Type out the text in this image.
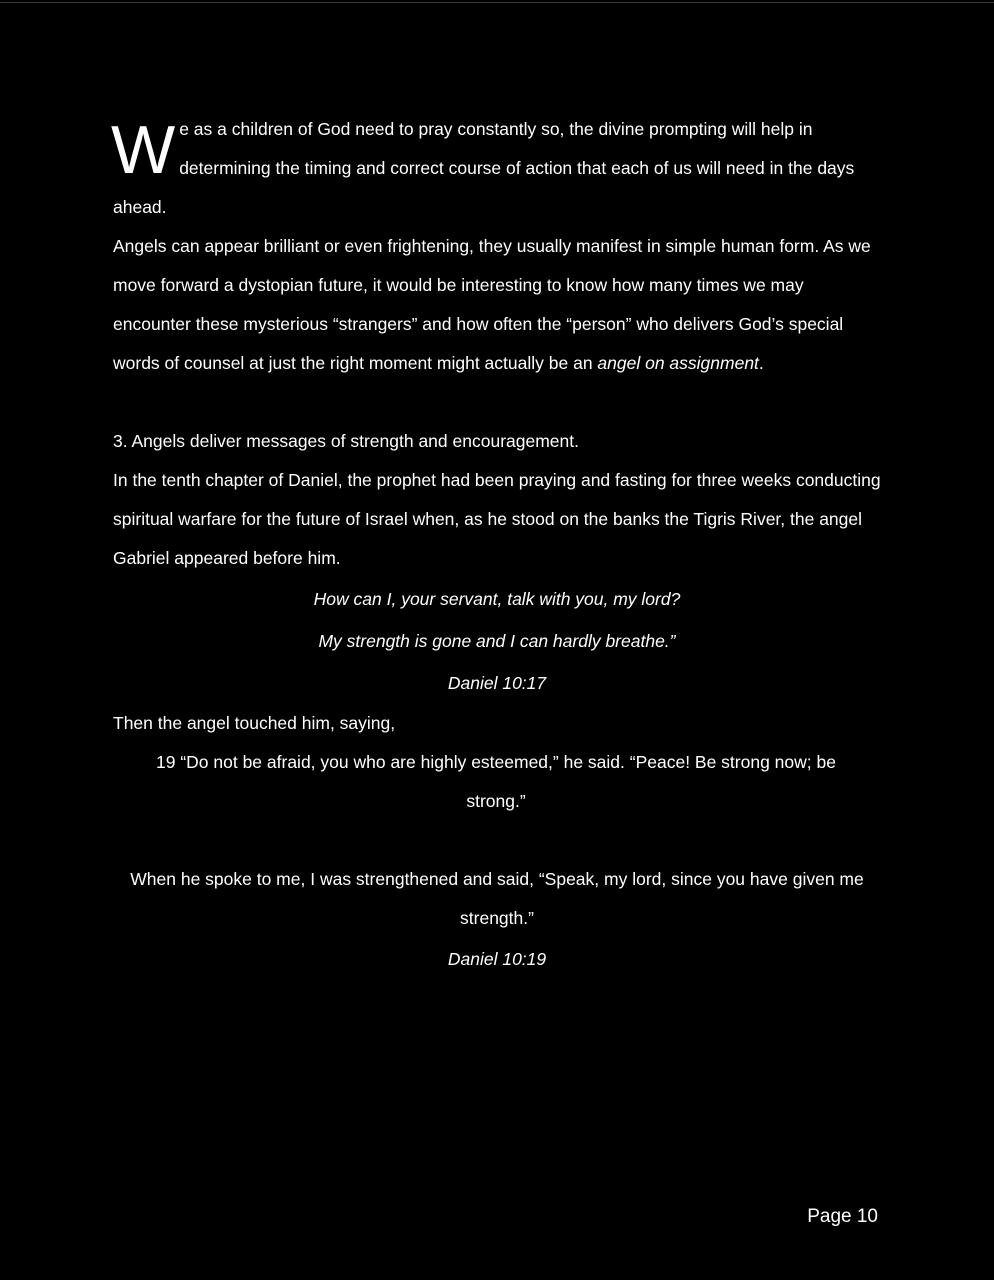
We as a children of God need to pray constantly so, the divine prompting will help in determining the timing and correct course of action that each of us will need in the days ahead.

Angels can appear brilliant or even frightening, they usually manifest in simple human form. As we move forward a dystopian future, it would be interesting to know how many times we may encounter these mysterious “strangers” and how often the “person” who delivers God’s special words of counsel at just the right moment might actually be an angel on assignment.

3. Angels deliver messages of strength and encouragement.

In the tenth chapter of Daniel, the prophet had been praying and fasting for three weeks conducting spiritual warfare for the future of Israel when, as he stood on the banks the Tigris River, the angel Gabriel appeared before him.

How can I, your servant, talk with you, my lord?

My strength is gone and I can hardly breathe.”

Daniel 10:17

Then the angel touched him, saying,

19 “Do not be afraid, you who are highly esteemed,” he said. “Peace! Be strong now; be strong.”

When he spoke to me, I was strengthened and said, “Speak, my lord, since you have given me strength.”

Daniel 10:19

Page 10
